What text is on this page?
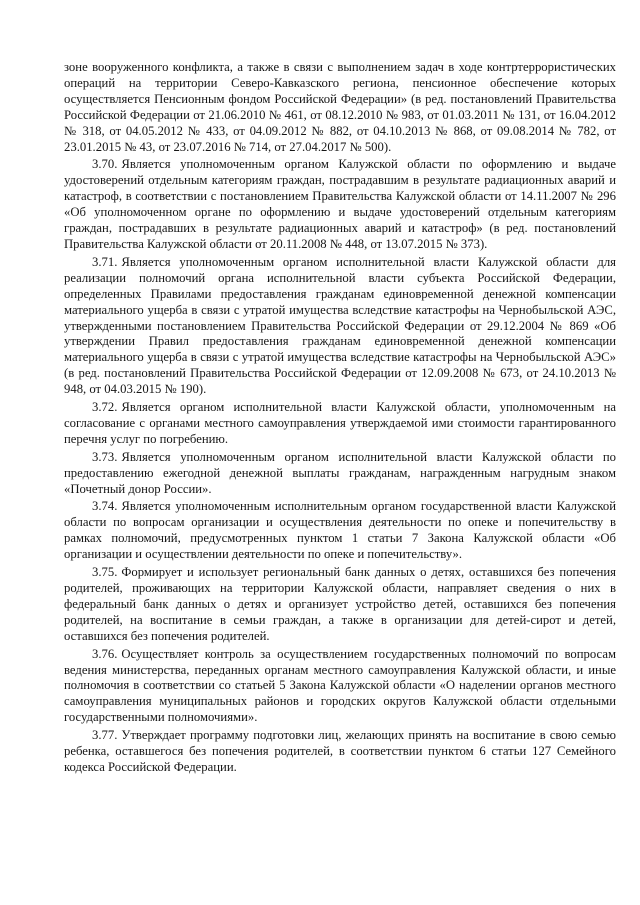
зоне вооруженного конфликта, а также в связи с выполнением задач в ходе контртеррористических операций на территории Северо-Кавказского региона, пенсионное обеспечение которых осуществляется Пенсионным фондом Российской Федерации» (в ред. постановлений Правительства Российской Федерации от 21.06.2010 № 461, от 08.12.2010 № 983, от 01.03.2011 № 131, от 16.04.2012 № 318, от 04.05.2012 № 433, от 04.09.2012 № 882, от 04.10.2013 № 868, от 09.08.2014 № 782, от 23.01.2015 № 43, от 23.07.2016 № 714, от 27.04.2017 № 500).

3.70. Является уполномоченным органом Калужской области по оформлению и выдаче удостоверений отдельным категориям граждан, пострадавшим в результате радиационных аварий и катастроф, в соответствии с постановлением Правительства Калужской области от 14.11.2007 № 296 «Об уполномоченном органе по оформлению и выдаче удостоверений отдельным категориям граждан, пострадавших в результате радиационных аварий и катастроф» (в ред. постановлений Правительства Калужской области от 20.11.2008 № 448, от 13.07.2015 № 373).

3.71. Является уполномоченным органом исполнительной власти Калужской области для реализации полномочий органа исполнительной власти субъекта Российской Федерации, определенных Правилами предоставления гражданам единовременной денежной компенсации материального ущерба в связи с утратой имущества вследствие катастрофы на Чернобыльской АЭС, утвержденными постановлением Правительства Российской Федерации от 29.12.2004 № 869 «Об утверждении Правил предоставления гражданам единовременной денежной компенсации материального ущерба в связи с утратой имущества вследствие катастрофы на Чернобыльской АЭС» (в ред. постановлений Правительства Российской Федерации от 12.09.2008 № 673, от 24.10.2013 № 948, от 04.03.2015 № 190).

3.72. Является органом исполнительной власти Калужской области, уполномоченным на согласование с органами местного самоуправления утверждаемой ими стоимости гарантированного перечня услуг по погребению.

3.73. Является уполномоченным органом исполнительной власти Калужской области по предоставлению ежегодной денежной выплаты гражданам, награжденным нагрудным знаком «Почетный донор России».

3.74. Является уполномоченным исполнительным органом государственной власти Калужской области по вопросам организации и осуществления деятельности по опеке и попечительству в рамках полномочий, предусмотренных пунктом 1 статьи 7 Закона Калужской области «Об организации и осуществлении деятельности по опеке и попечительству».

3.75. Формирует и использует региональный банк данных о детях, оставшихся без попечения родителей, проживающих на территории Калужской области, направляет сведения о них в федеральный банк данных о детях и организует устройство детей, оставшихся без попечения родителей, на воспитание в семьи граждан, а также в организации для детей-сирот и детей, оставшихся без попечения родителей.

3.76. Осуществляет контроль за осуществлением государственных полномочий по вопросам ведения министерства, переданных органам местного самоуправления Калужской области, и иные полномочия в соответствии со статьей 5 Закона Калужской области «О наделении органов местного самоуправления муниципальных районов и городских округов Калужской области отдельными государственными полномочиями».

3.77. Утверждает программу подготовки лиц, желающих принять на воспитание в свою семью ребенка, оставшегося без попечения родителей, в соответствии пунктом 6 статьи 127 Семейного кодекса Российской Федерации.
